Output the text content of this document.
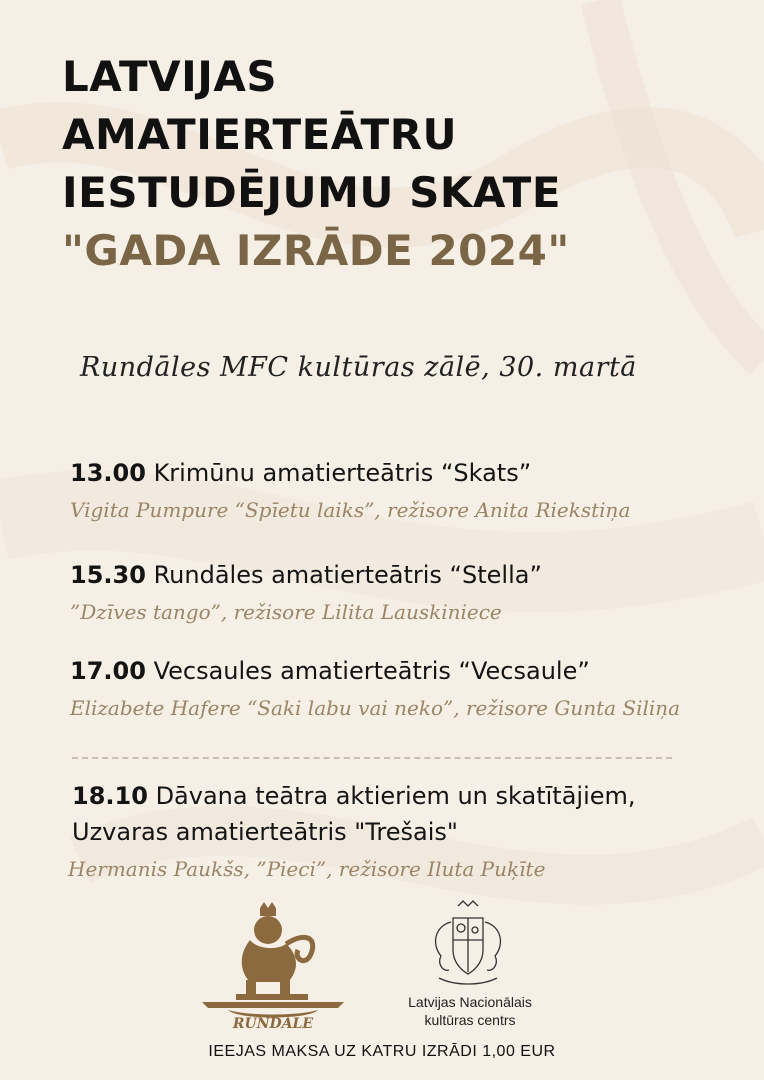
LATVIJAS
AMATIERTEĀTRU
IESTUDĒJUMU SKATE
"GADA IZRĀDE 2024"
Rundāles MFC kultūras zālē, 30. martā
13.00 Krimūnu amatierteātris “Skats”
Vigita Pumpure “Spīetu laiks”, režisore Anita Riekstiņa
15.30 Rundāles amatierteātris “Stella”
”Dzīves tango”, režisore Lilita Lauskiniece
17.00 Vecsaules amatierteātris “Vecsaule”
Elizabete Hafere “Saki labu vai neko”, režisore Gunta Siliņa
18.10 Dāvana teātra aktieriem un skatītājiem,
Uzvaras amatierteātris "Trešais"
Hermanis Paukšs, ”Pieci”, režisore Iluta Puķīte
RUNDĀLE
Latvijas Nacionālais
kultūras centrs
IEEJAS MAKSA UZ KATRU IZRĀDI 1,00 EUR
